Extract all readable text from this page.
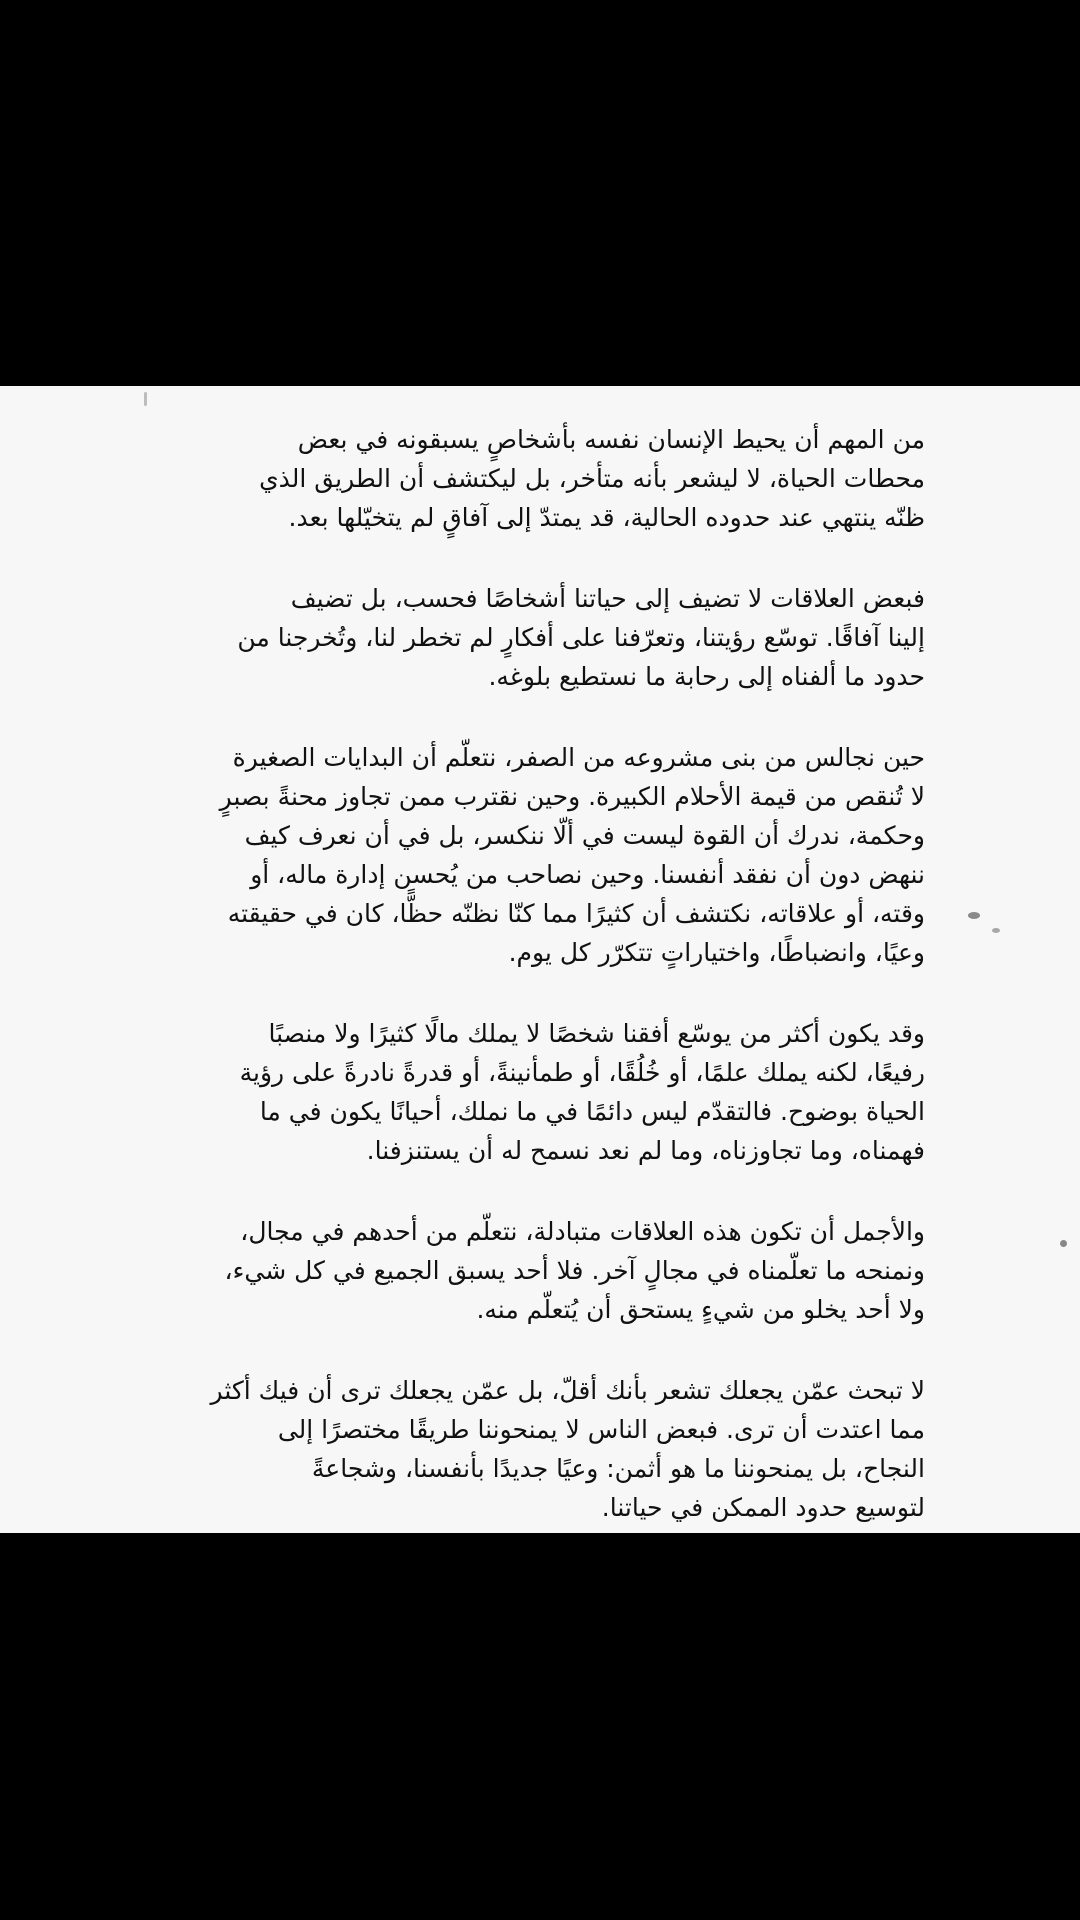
من المهم أن يحيط الإنسان نفسه بأشخاصٍ يسبقونه في بعض
محطات الحياة، لا ليشعر بأنه متأخر، بل ليكتشف أن الطريق الذي
ظنّه ينتهي عند حدوده الحالية، قد يمتدّ إلى آفاقٍ لم يتخيّلها بعد.

فبعض العلاقات لا تضيف إلى حياتنا أشخاصًا فحسب، بل تضيف
إلينا آفاقًا. توسّع رؤيتنا، وتعرّفنا على أفكارٍ لم تخطر لنا، وتُخرجنا من
حدود ما ألفناه إلى رحابة ما نستطيع بلوغه.

حين نجالس من بنى مشروعه من الصفر، نتعلّم أن البدايات الصغيرة
لا تُنقص من قيمة الأحلام الكبيرة. وحين نقترب ممن تجاوز محنةً بصبرٍ
وحكمة، ندرك أن القوة ليست في ألّا ننكسر، بل في أن نعرف كيف
ننهض دون أن نفقد أنفسنا. وحين نصاحب من يُحسن إدارة ماله، أو
وقته، أو علاقاته، نكتشف أن كثيرًا مما كنّا نظنّه حظًّا، كان في حقيقته
وعيًا، وانضباطًا، واختياراتٍ تتكرّر كل يوم.

وقد يكون أكثر من يوسّع أفقنا شخصًا لا يملك مالًا كثيرًا ولا منصبًا
رفيعًا، لكنه يملك علمًا، أو خُلُقًا، أو طمأنينةً، أو قدرةً نادرةً على رؤية
الحياة بوضوح. فالتقدّم ليس دائمًا في ما نملك، أحيانًا يكون في ما
فهمناه، وما تجاوزناه، وما لم نعد نسمح له أن يستنزفنا.

والأجمل أن تكون هذه العلاقات متبادلة، نتعلّم من أحدهم في مجال،
ونمنحه ما تعلّمناه في مجالٍ آخر. فلا أحد يسبق الجميع في كل شيء،
ولا أحد يخلو من شيءٍ يستحق أن يُتعلّم منه.

لا تبحث عمّن يجعلك تشعر بأنك أقلّ، بل عمّن يجعلك ترى أن فيك أكثر
مما اعتدت أن ترى. فبعض الناس لا يمنحوننا طريقًا مختصرًا إلى
النجاح، بل يمنحوننا ما هو أثمن: وعيًا جديدًا بأنفسنا، وشجاعةً
لتوسيع حدود الممكن في حياتنا.
